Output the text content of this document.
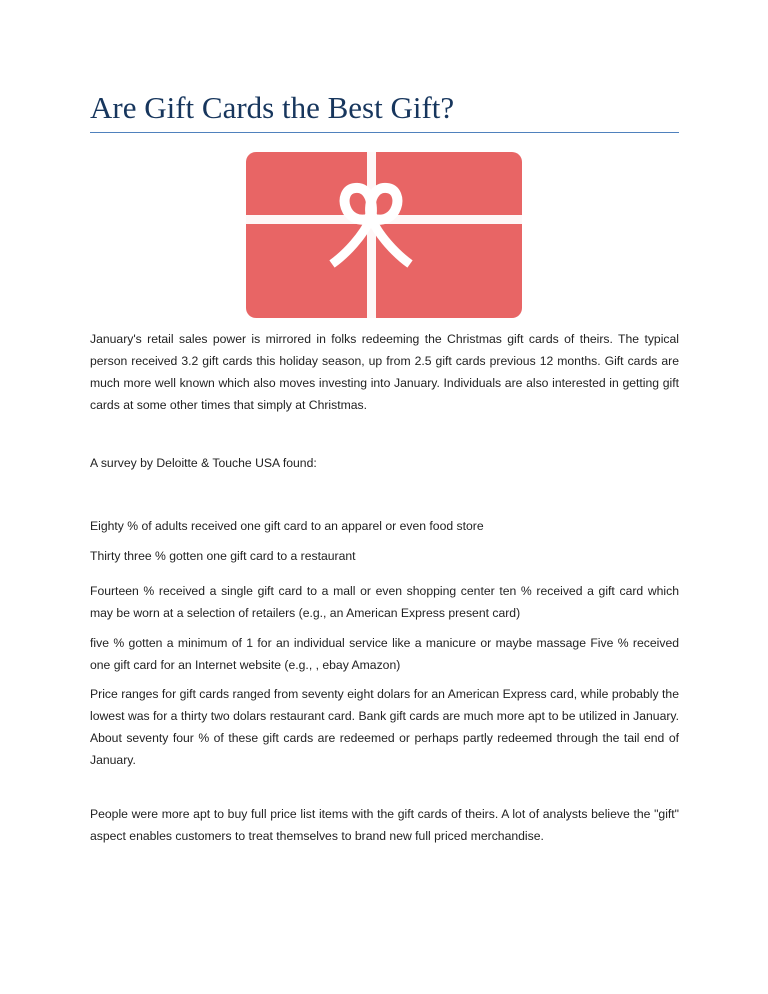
Are Gift Cards the Best Gift?

January's retail sales power is mirrored in folks redeeming the Christmas gift cards of theirs. The typical person received 3.2 gift cards this holiday season, up from 2.5 gift cards previous 12 months. Gift cards are much more well known which also moves investing into January. Individuals are also interested in getting gift cards at some other times that simply at Christmas.

A survey by Deloitte & Touche USA found:

Eighty % of adults received one gift card to an apparel or even food store

Thirty three % gotten one gift card to a restaurant

Fourteen % received a single gift card to a mall or even shopping center ten % received a gift card which may be worn at a selection of retailers (e.g., an American Express present card)

five % gotten a minimum of 1 for an individual service like a manicure or maybe massage Five % received one gift card for an Internet website (e.g., , ebay Amazon)

Price ranges for gift cards ranged from seventy eight dolars for an American Express card, while probably the lowest was for a thirty two dolars restaurant card. Bank gift cards are much more apt to be utilized in January. About seventy four % of these gift cards are redeemed or perhaps partly redeemed through the tail end of January.

People were more apt to buy full price list items with the gift cards of theirs. A lot of analysts believe the "gift" aspect enables customers to treat themselves to brand new full priced merchandise.
